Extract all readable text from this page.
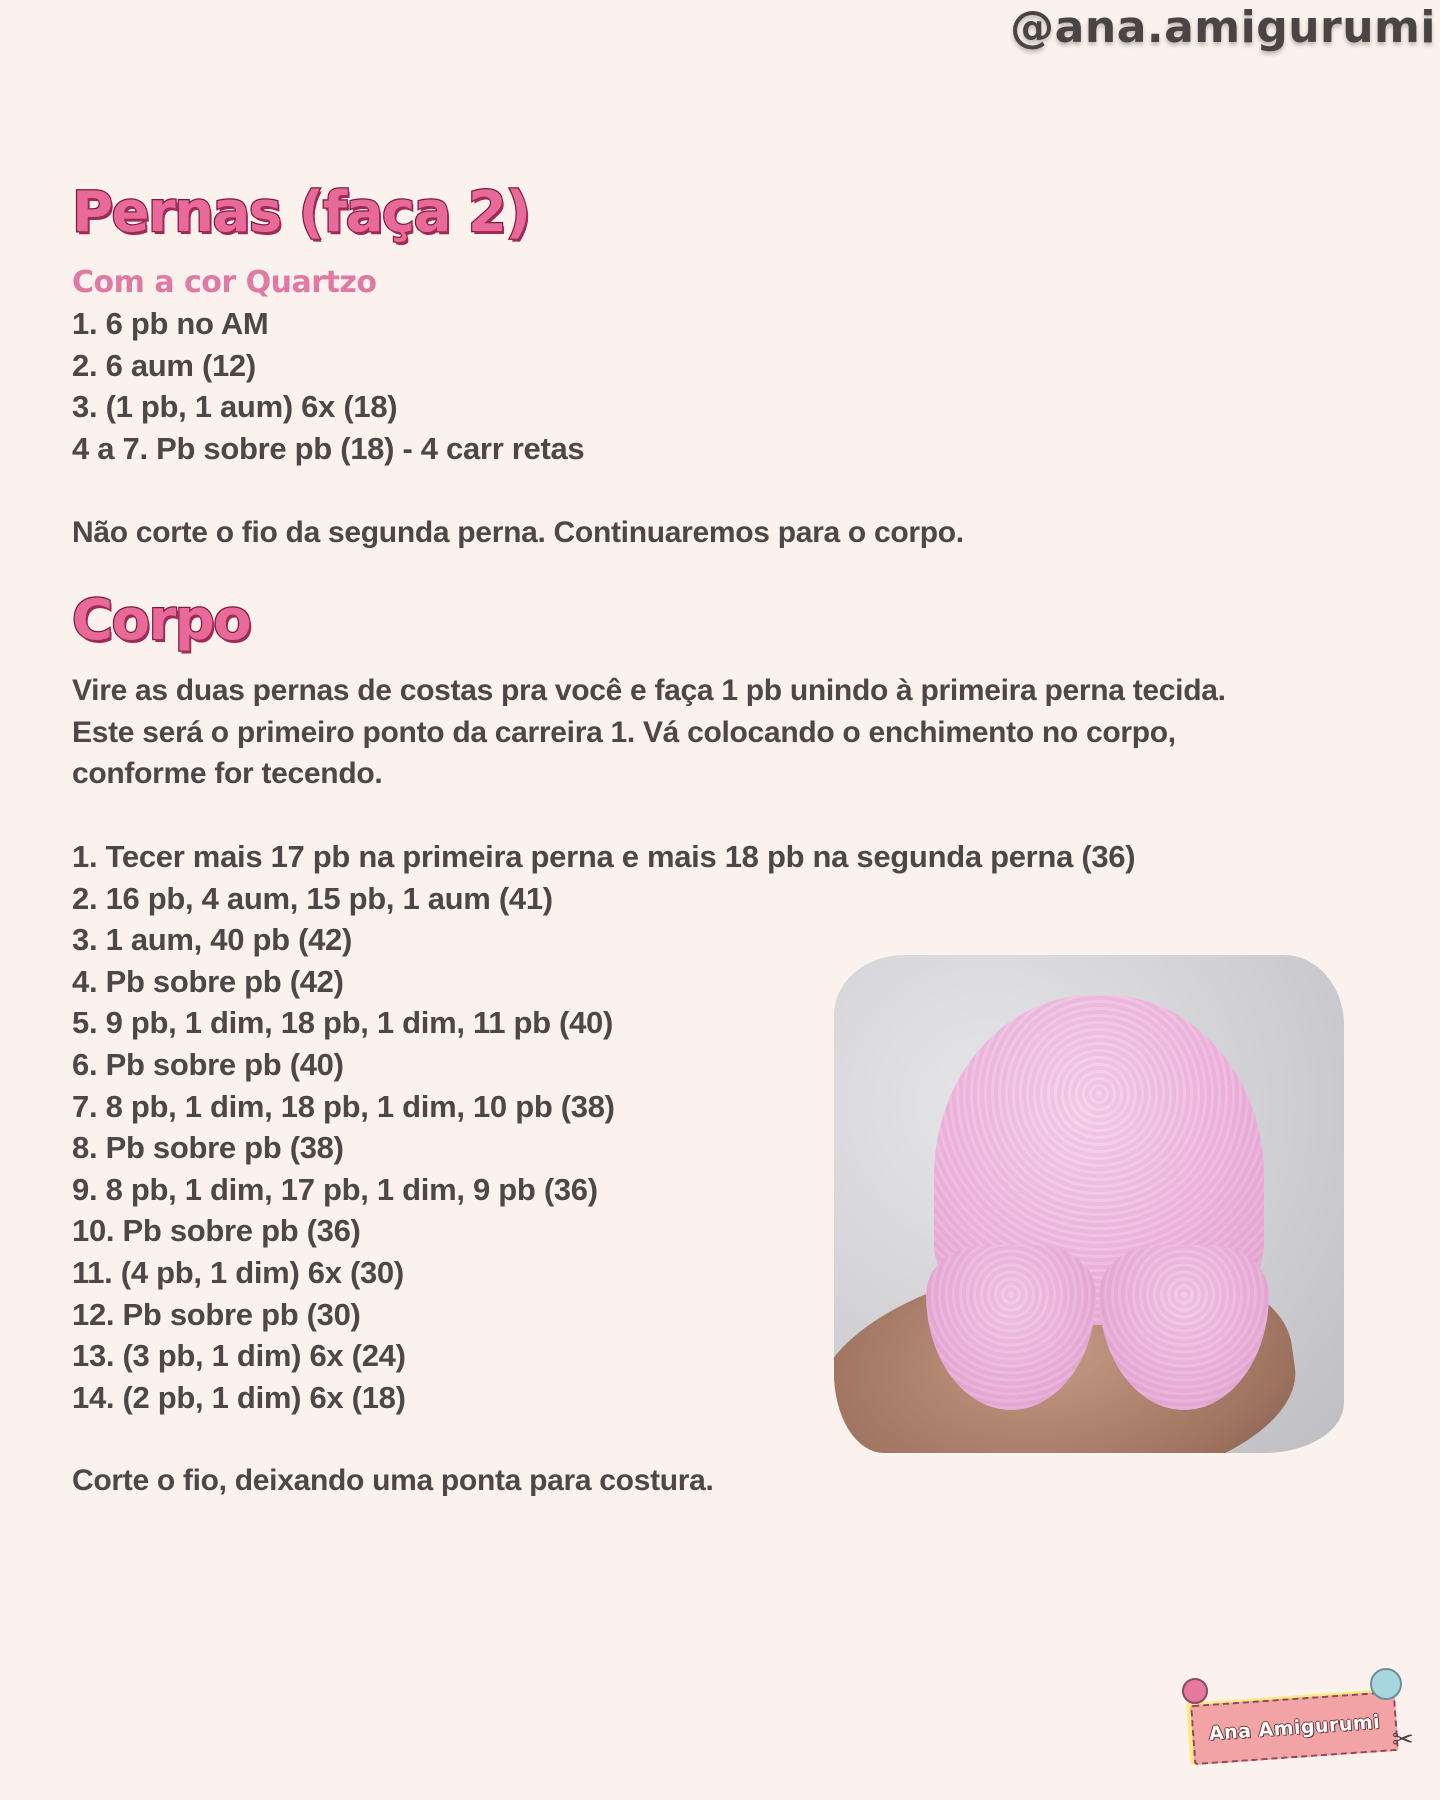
@ana.amigurumi
Pernas (faça 2)
Com a cor Quartzo
1. 6 pb no AM
2. 6 aum (12)
3. (1 pb, 1 aum) 6x (18)
4 a 7. Pb sobre pb (18) - 4 carr retas
Não corte o fio da segunda perna. Continuaremos para o corpo.
Corpo
Vire as duas pernas de costas pra você e faça 1 pb unindo à primeira perna tecida.
Este será o primeiro ponto da carreira 1. Vá colocando o enchimento no corpo,
conforme for tecendo.
1. Tecer mais 17 pb na primeira perna e mais 18 pb na segunda perna (36)
2. 16 pb, 4 aum, 15 pb, 1 aum (41)
3. 1 aum, 40 pb (42)
4. Pb sobre pb (42)
5. 9 pb, 1 dim, 18 pb, 1 dim, 11 pb (40)
6. Pb sobre pb (40)
7. 8 pb, 1 dim, 18 pb, 1 dim, 10 pb (38)
8. Pb sobre pb (38)
9. 8 pb, 1 dim, 17 pb, 1 dim, 9 pb (36)
10. Pb sobre pb (36)
11. (4 pb, 1 dim) 6x (30)
12. Pb sobre pb (30)
13. (3 pb, 1 dim) 6x (24)
14. (2 pb, 1 dim) 6x (18)
Corte o fio, deixando uma ponta para costura.
Ana Amigurumi ✂
